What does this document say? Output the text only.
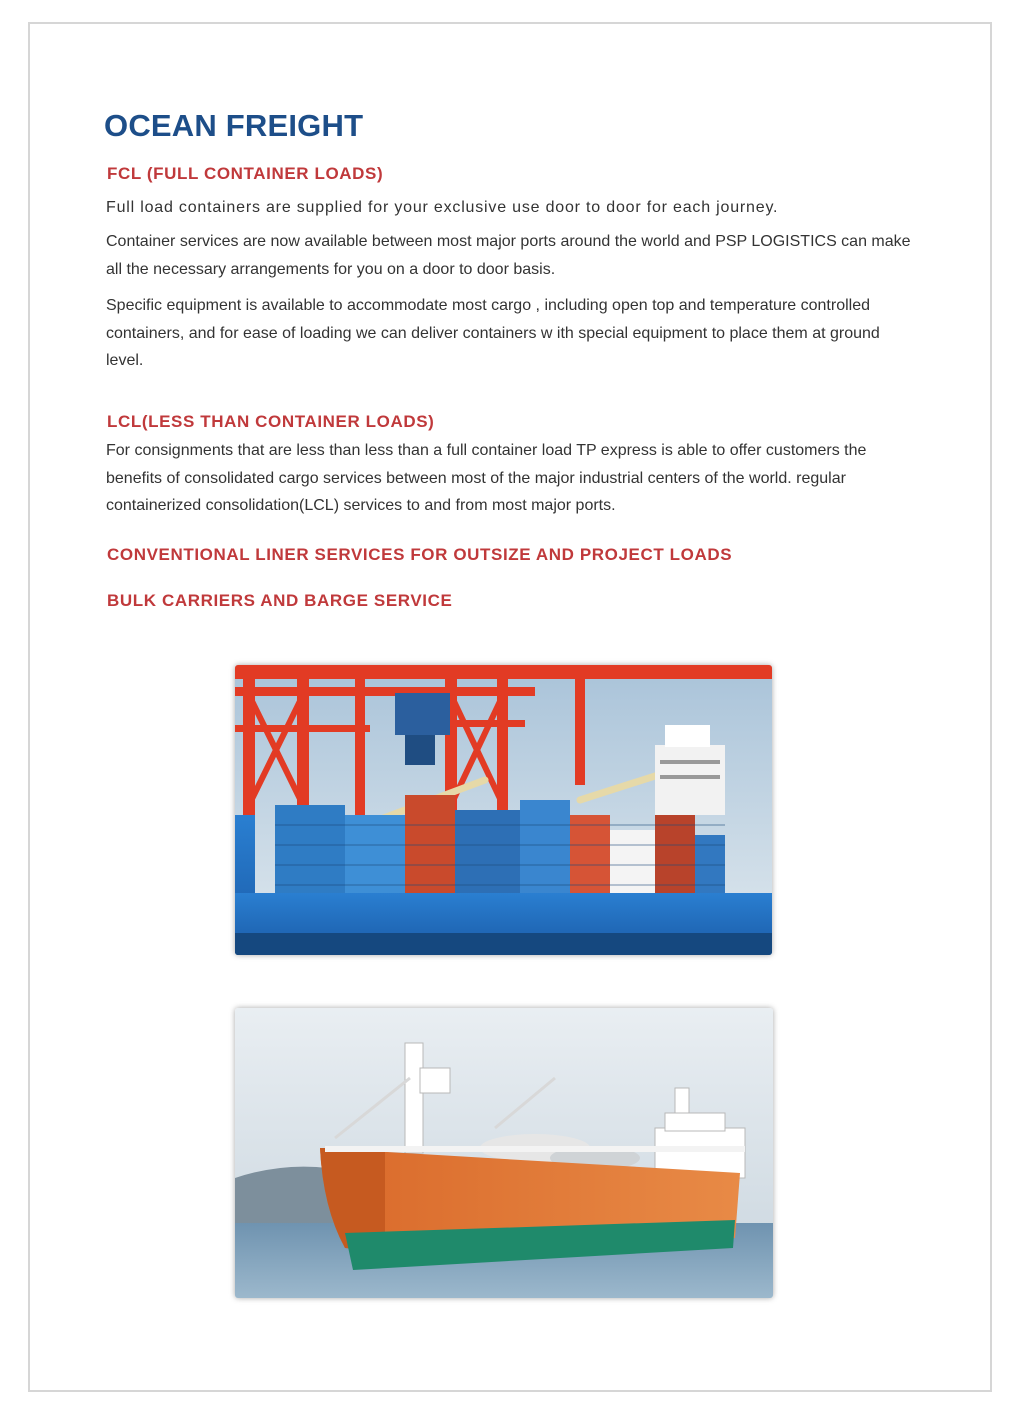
OCEAN FREIGHT
FCL (FULL CONTAINER LOADS)

Full load containers are supplied for your exclusive use door to door for each journey.

Container services are now available between most major ports around the world and PSP LOGISTICS can make all the necessary arrangements for you on a door to door basis.

Specific equipment is available to accommodate most cargo , including open top and temperature controlled containers, and for ease of loading we can deliver containers w ith special equipment to place them at ground level.

LCL(LESS THAN CONTAINER LOADS)

For consignments that are less than less than a full container load TP express is able to offer customers the benefits of consolidated cargo services between most of the major industrial centers of the world. regular containerized consolidation(LCL) services to and from most major ports.

CONVENTIONAL LINER SERVICES FOR OUTSIZE AND PROJECT LOADS
BULK CARRIERS AND BARGE SERVICE
